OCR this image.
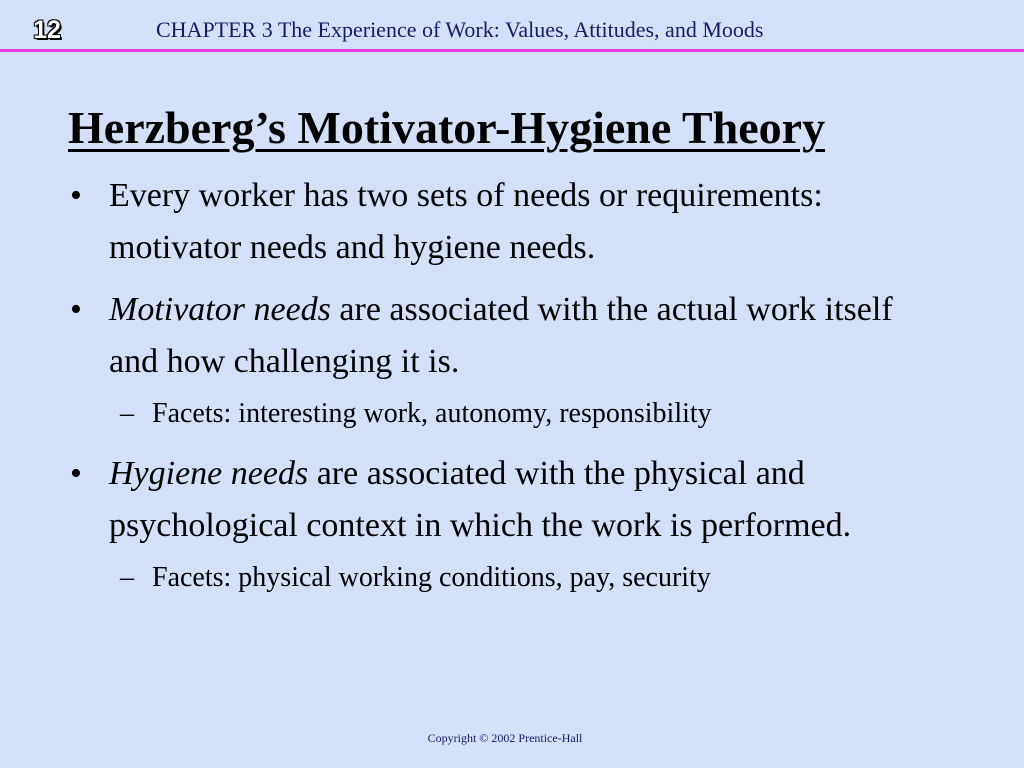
12	CHAPTER 3 The Experience of Work: Values, Attitudes, and Moods
Herzberg’s Motivator-Hygiene Theory
• Every worker has two sets of needs or requirements: motivator needs and hygiene needs.
• Motivator needs are associated with the actual work itself and how challenging it is.
– Facets: interesting work, autonomy, responsibility
• Hygiene needs are associated with the physical and psychological context in which the work is performed.
– Facets: physical working conditions, pay, security
Copyright © 2002 Prentice-Hall
